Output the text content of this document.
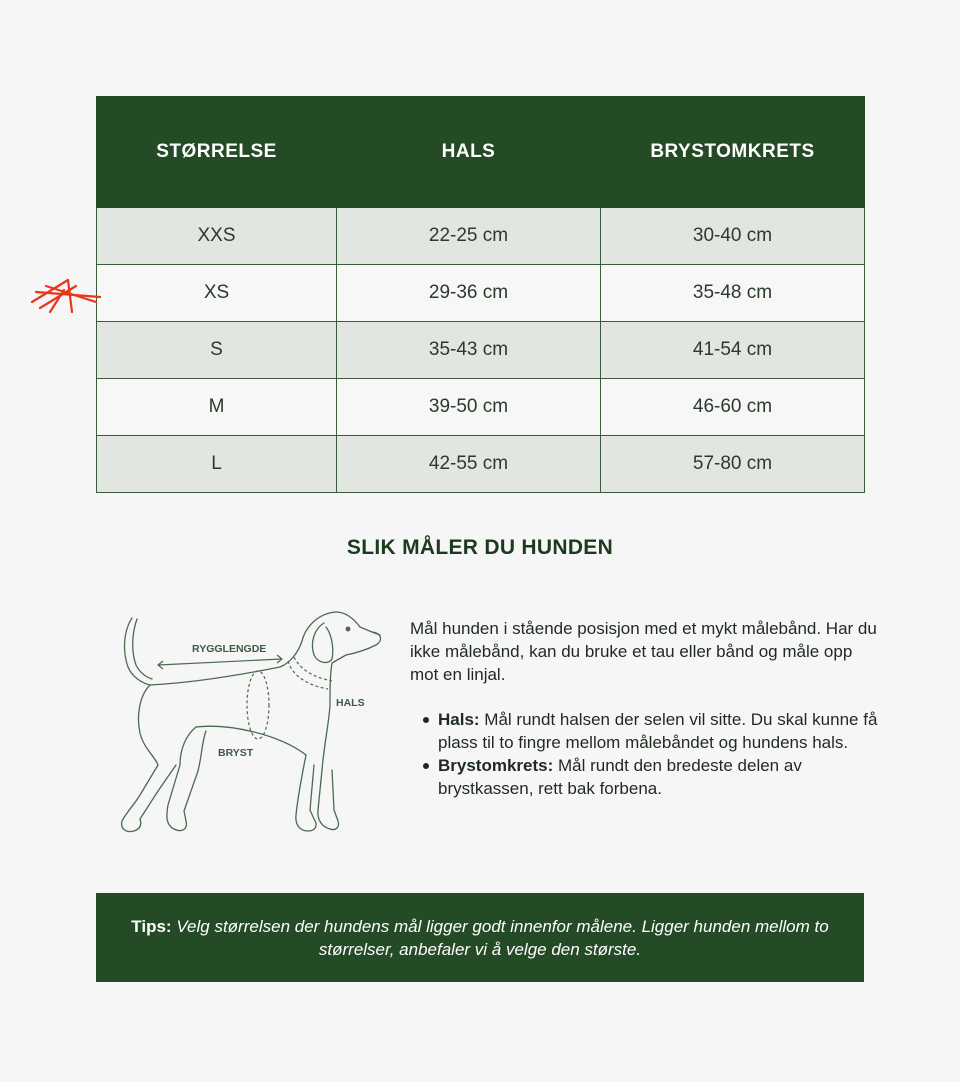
STØRRELSE	HALS	BRYSTOMKRETS
XXS	22-25 cm	30-40 cm
XS	29-36 cm	35-48 cm
S	35-43 cm	41-54 cm
M	39-50 cm	46-60 cm
L	42-55 cm	57-80 cm
SLIK MÅLER DU HUNDEN
RYGGLENGDE
HALS
BRYST

Mål hunden i stående posisjon med et mykt målebånd. Har du ikke målebånd, kan du bruke et tau eller bånd og måle opp mot en linjal.

Hals: Mål rundt halsen der selen vil sitte. Du skal kunne få plass til to fingre mellom målebåndet og hundens hals.
Brystomkrets: Mål rundt den bredeste delen av brystkassen, rett bak forbena.
Tips: Velg størrelsen der hundens mål ligger godt innenfor målene. Ligger hunden mellom to størrelser, anbefaler vi å velge den største.
